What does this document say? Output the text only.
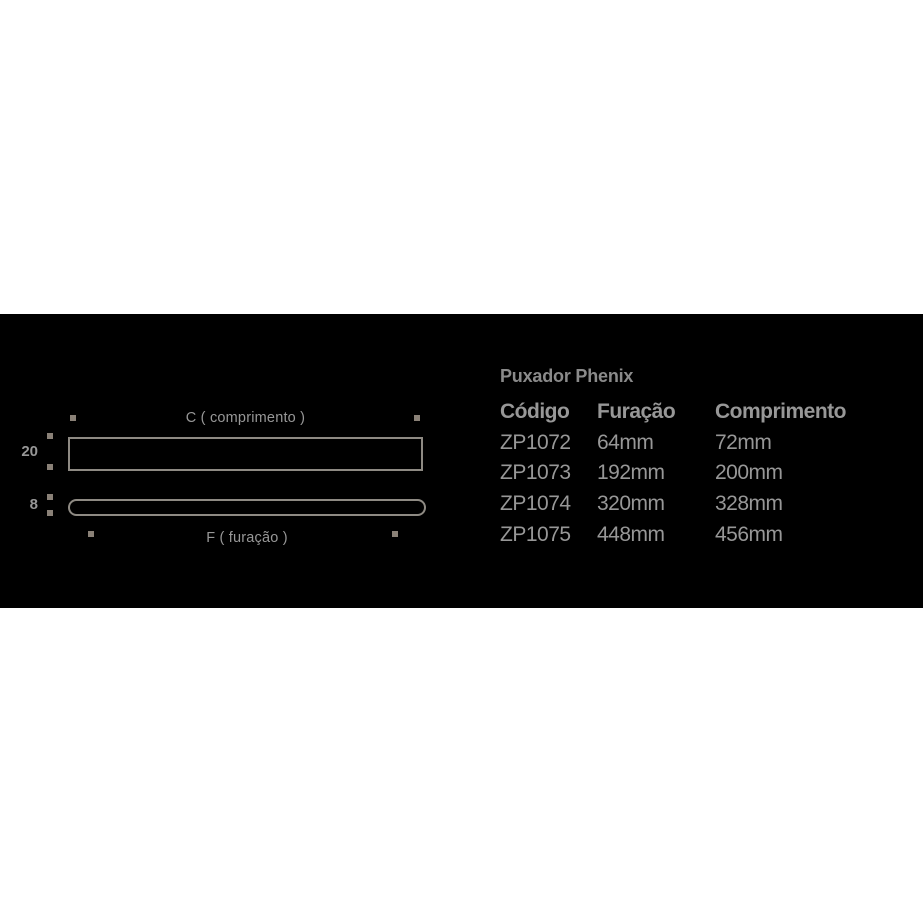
C ( comprimento )
20
8
F ( furação )
Puxador Phenix
Código	Furação	Comprimento
ZP1072	64mm	72mm
ZP1073	192mm	200mm
ZP1074	320mm	328mm
ZP1075	448mm	456mm
